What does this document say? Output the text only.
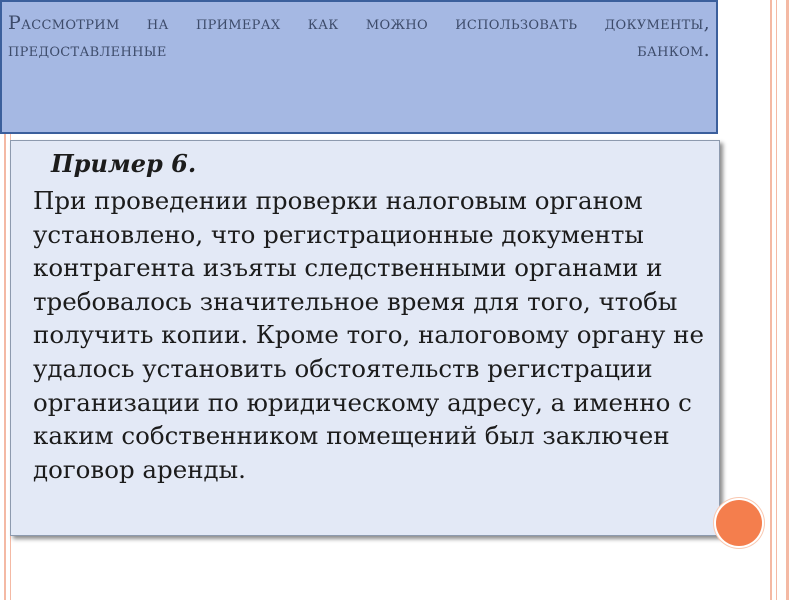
Рассмотрим на примерах как можно использовать документы, предоставленные банком.

Пример 6.

При проведении проверки налоговым органом установлено, что регистрационные документы контрагента изъяты следственными органами и требовалось значительное время для того, чтобы получить копии. Кроме того, налоговому органу не удалось установить обстоятельств регистрации организации по юридическому адресу, а именно с каким собственником помещений был заключен договор аренды.
